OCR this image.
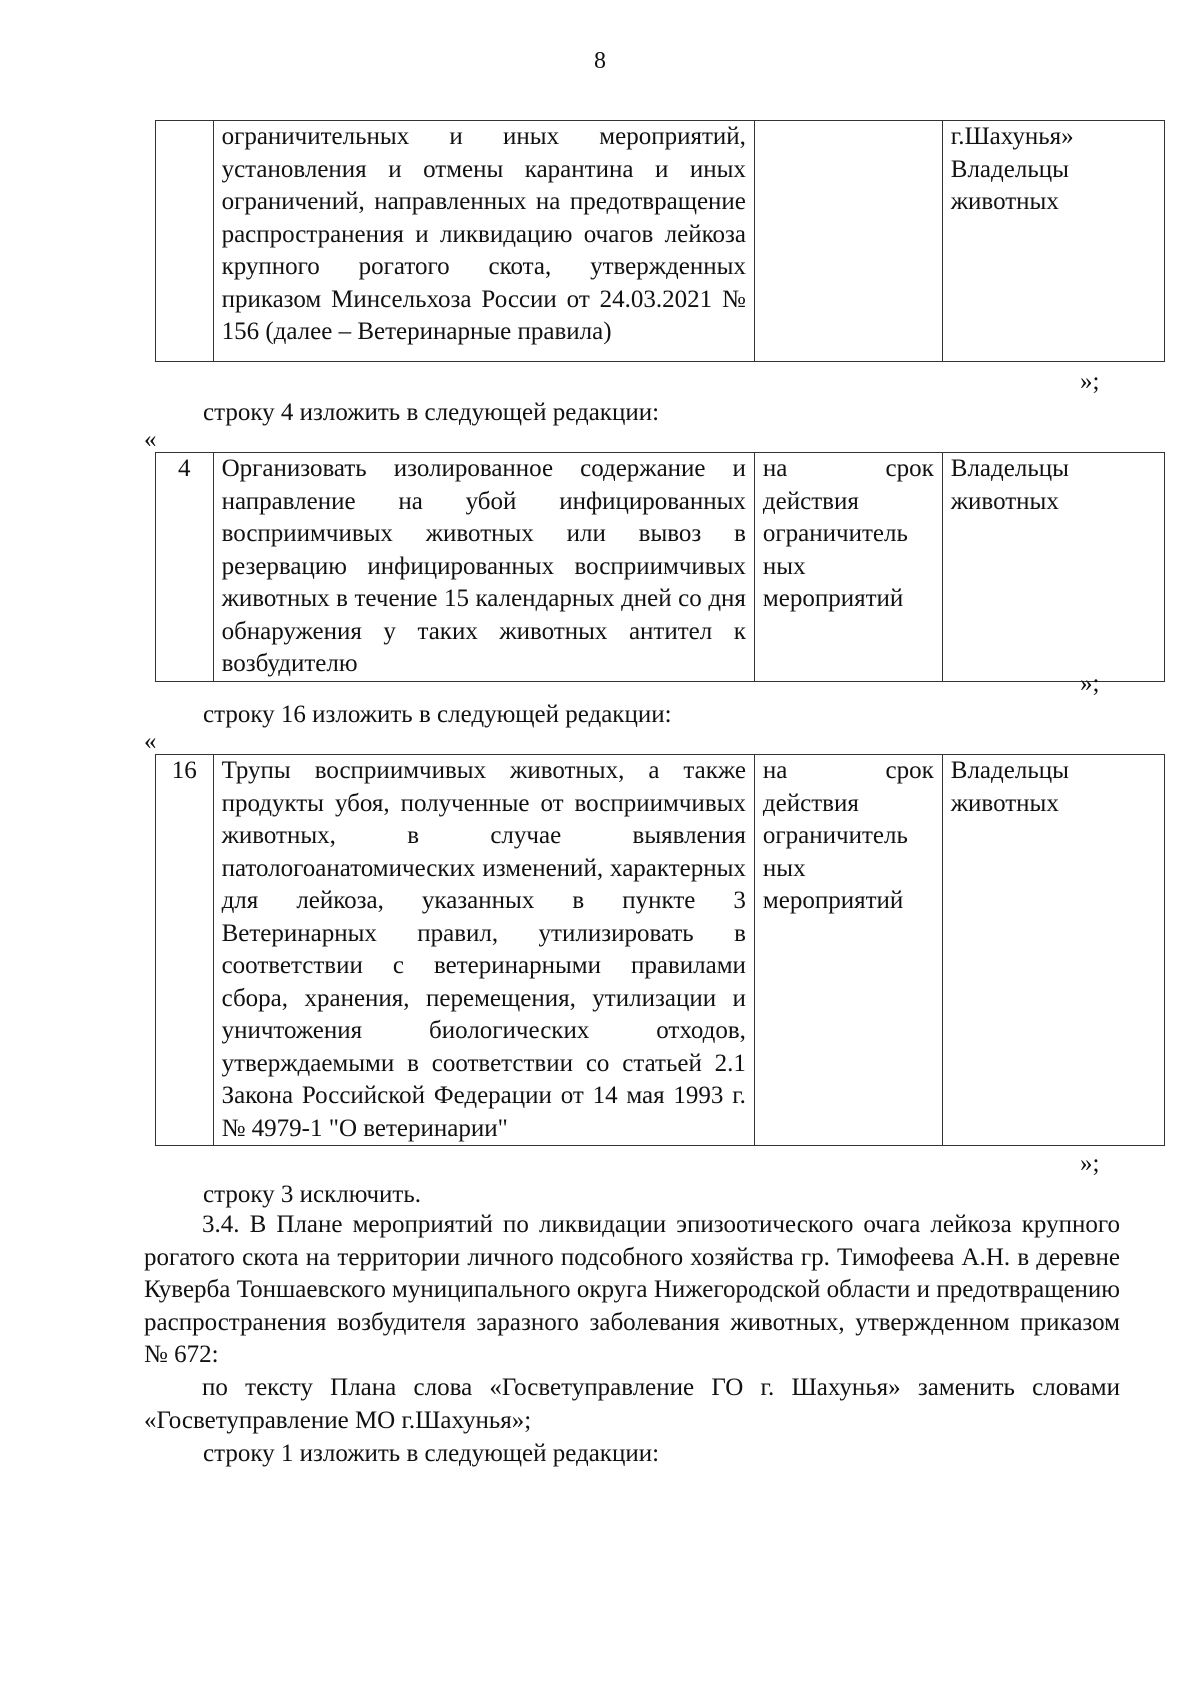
8
	ограничительных и иных мероприятий, установления и отмены карантина и иных ограничений, направленных на предотвращение распространения и ликвидацию очагов лейкоза крупного рогатого скота, утвержденных приказом Минсельхоза России от 24.03.2021 № 156 (далее – Ветеринарные правила)		г.Шахунья» Владельцы животных
»;
строку 4 изложить в следующей редакции:
«
4	Организовать изолированное содержание и направление на убой инфицированных восприимчивых животных или вывоз в резервацию инфицированных восприимчивых животных в течение 15 календарных дней со дня обнаружения у таких животных антител к возбудителю	на срок действия ограничитель ных мероприятий	Владельцы животных
»;
строку 16 изложить в следующей редакции:
«
16	Трупы восприимчивых животных, а также продукты убоя, полученные от восприимчивых животных, в случае выявления патологоанатомических изменений, характерных для лейкоза, указанных в пункте 3 Ветеринарных правил, утилизировать в соответствии с ветеринарными правилами сбора, хранения, перемещения, утилизации и уничтожения биологических отходов, утверждаемыми в соответствии со статьей 2.1 Закона Российской Федерации от 14 мая 1993 г. № 4979-1 "О ветеринарии"	на срок действия ограничитель ных мероприятий	Владельцы животных
»;
строку 3 исключить.
3.4. В Плане мероприятий по ликвидации эпизоотического очага лейкоза крупного рогатого скота на территории личного подсобного хозяйства гр. Тимофеева А.Н. в деревне Куверба Тоншаевского муниципального округа Нижегородской области и предотвращению распространения возбудителя заразного заболевания животных, утвержденном приказом № 672:
по тексту Плана слова «Госветуправление ГО г. Шахунья» заменить словами «Госветуправление МО г.Шахунья»;
строку 1 изложить в следующей редакции:
